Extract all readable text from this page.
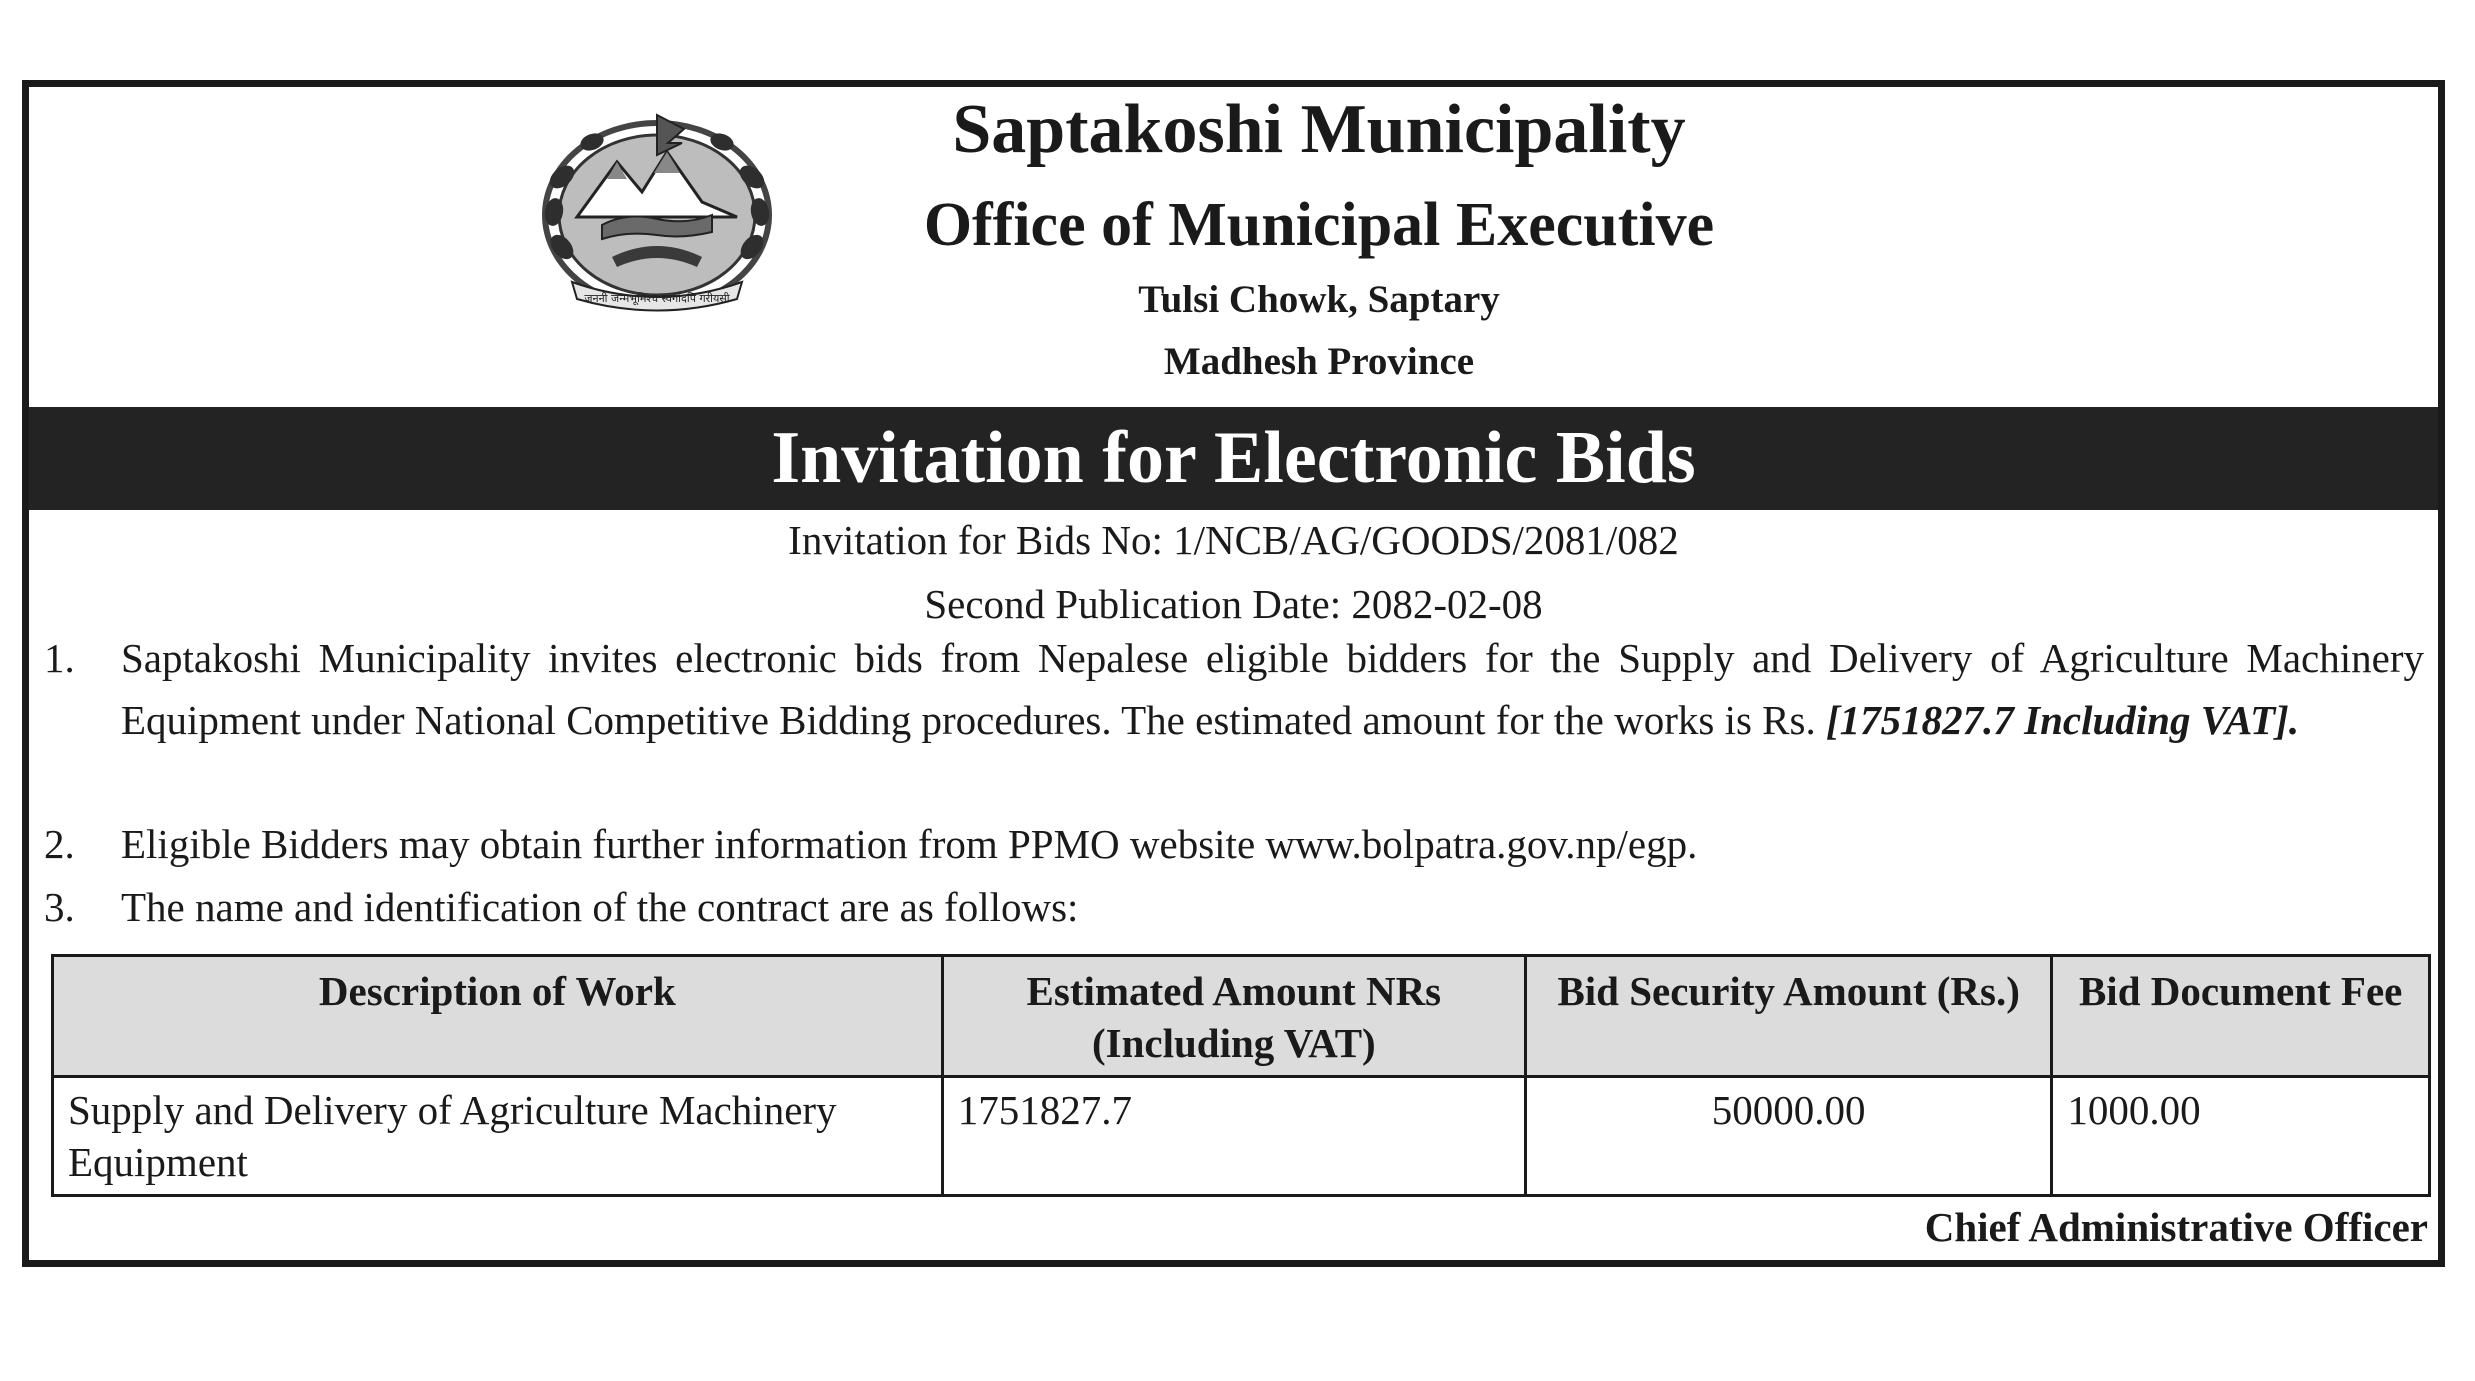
जननी जन्मभूमिश्च स्वर्गादपि गरीयसी
Saptakoshi Municipality
Office of Municipal Executive
Tulsi Chowk, Saptary
Madhesh Province
Invitation for Electronic Bids
Invitation for Bids No: 1/NCB/AG/GOODS/2081/082
Second Publication Date: 2082-02-08
1. Saptakoshi Municipality invites electronic bids from Nepalese eligible bidders for the Supply and Delivery of Agriculture Machinery Equipment under National Competitive Bidding procedures. The estimated amount for the works is Rs. [1751827.7 Including VAT].
2. Eligible Bidders may obtain further information from PPMO website www.bolpatra.gov.np/egp.
3. The name and identification of the contract are as follows:
Description of Work	Estimated Amount NRs (Including VAT)	Bid Security Amount (Rs.)	Bid Document Fee
Supply and Delivery of Agriculture Machinery Equipment	1751827.7	50000.00	1000.00
Chief Administrative Officer
